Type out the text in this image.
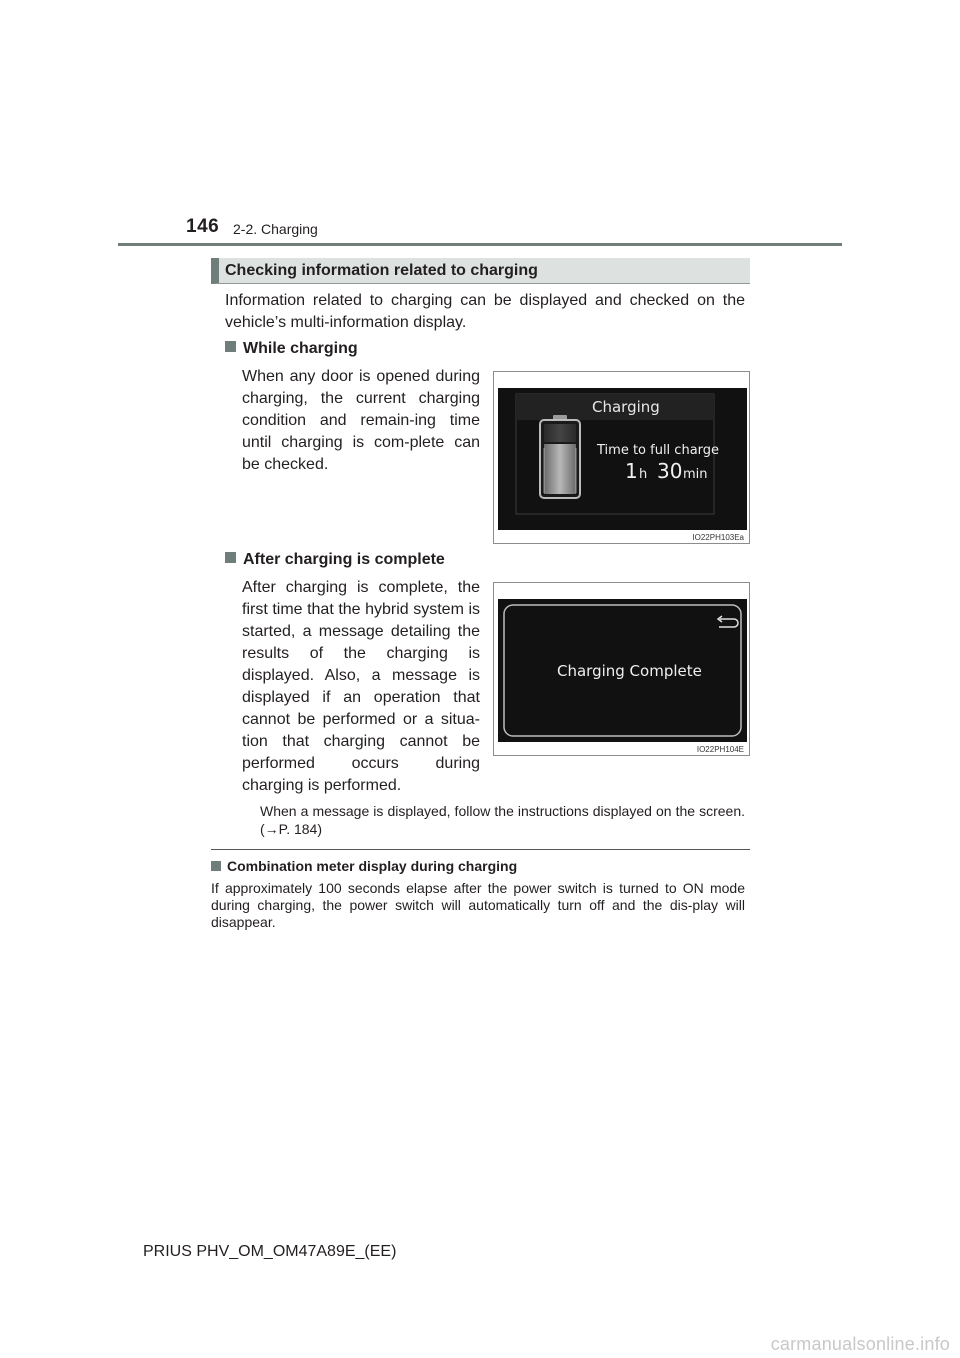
146 2-2. Charging
Checking information related to charging
Information related to charging can be displayed and checked on the vehicle’s multi-information display.
While charging
When any door is opened during charging, the current charging condition and remain-ing time until charging is com-plete can be checked.
Charging
Time to full charge
1 h 30 min
IO22PH103Ea
After charging is complete
After charging is complete, the first time that the hybrid system is started, a message detailing the results of the charging is displayed. Also, a message is displayed if an operation that cannot be performed or a situa-tion that charging cannot be performed occurs during charging is performed.
Charging Complete
IO22PH104E
When a message is displayed, follow the instructions displayed on the screen. (→P. 184)
Combination meter display during charging
If approximately 100 seconds elapse after the power switch is turned to ON mode during charging, the power switch will automatically turn off and the dis-play will disappear.
PRIUS PHV_OM_OM47A89E_(EE)
carmanualsonline.info
